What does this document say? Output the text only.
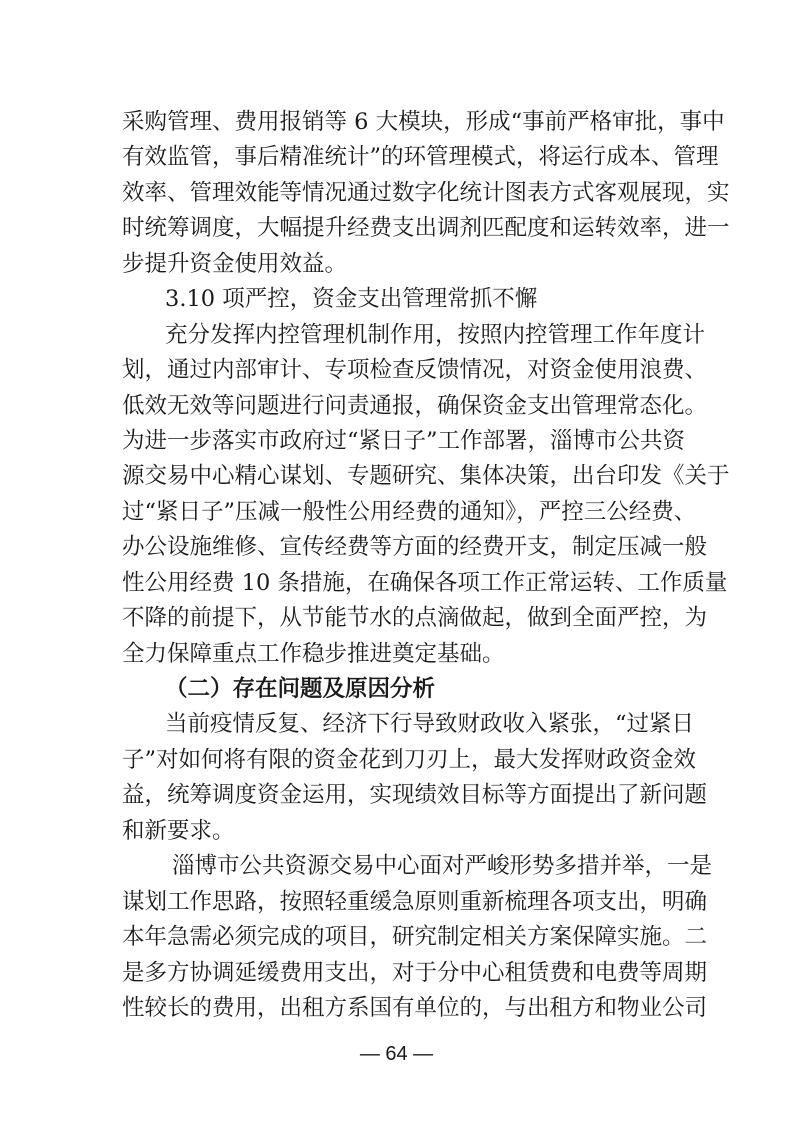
采购管理、费用报销等 6 大模块，形成“事前严格审批，事中
有效监管，事后精准统计”的环管理模式，将运行成本、管理
效率、管理效能等情况通过数字化统计图表方式客观展现，实
时统筹调度，大幅提升经费支出调剂匹配度和运转效率，进一
步提升资金使用效益。
3.10 项严控，资金支出管理常抓不懈
充分发挥内控管理机制作用，按照内控管理工作年度计
划，通过内部审计、专项检查反馈情况，对资金使用浪费、
低效无效等问题进行问责通报，确保资金支出管理常态化。
为进一步落实市政府过“紧日子”工作部署，淄博市公共资
源交易中心精心谋划、专题研究、集体决策，出台印发《关于
过“紧日子”压减一般性公用经费的通知》，严控三公经费、
办公设施维修、宣传经费等方面的经费开支，制定压减一般
性公用经费 10 条措施，在确保各项工作正常运转、工作质量
不降的前提下，从节能节水的点滴做起，做到全面严控，为
全力保障重点工作稳步推进奠定基础。
（二）存在问题及原因分析
当前疫情反复、经济下行导致财政收入紧张，“过紧日
子”对如何将有限的资金花到刀刃上，最大发挥财政资金效
益，统筹调度资金运用，实现绩效目标等方面提出了新问题
和新要求。
淄博市公共资源交易中心面对严峻形势多措并举，一是
谋划工作思路，按照轻重缓急原则重新梳理各项支出，明确
本年急需必须完成的项目，研究制定相关方案保障实施。二
是多方协调延缓费用支出，对于分中心租赁费和电费等周期
性较长的费用，出租方系国有单位的，与出租方和物业公司
— 64 —
